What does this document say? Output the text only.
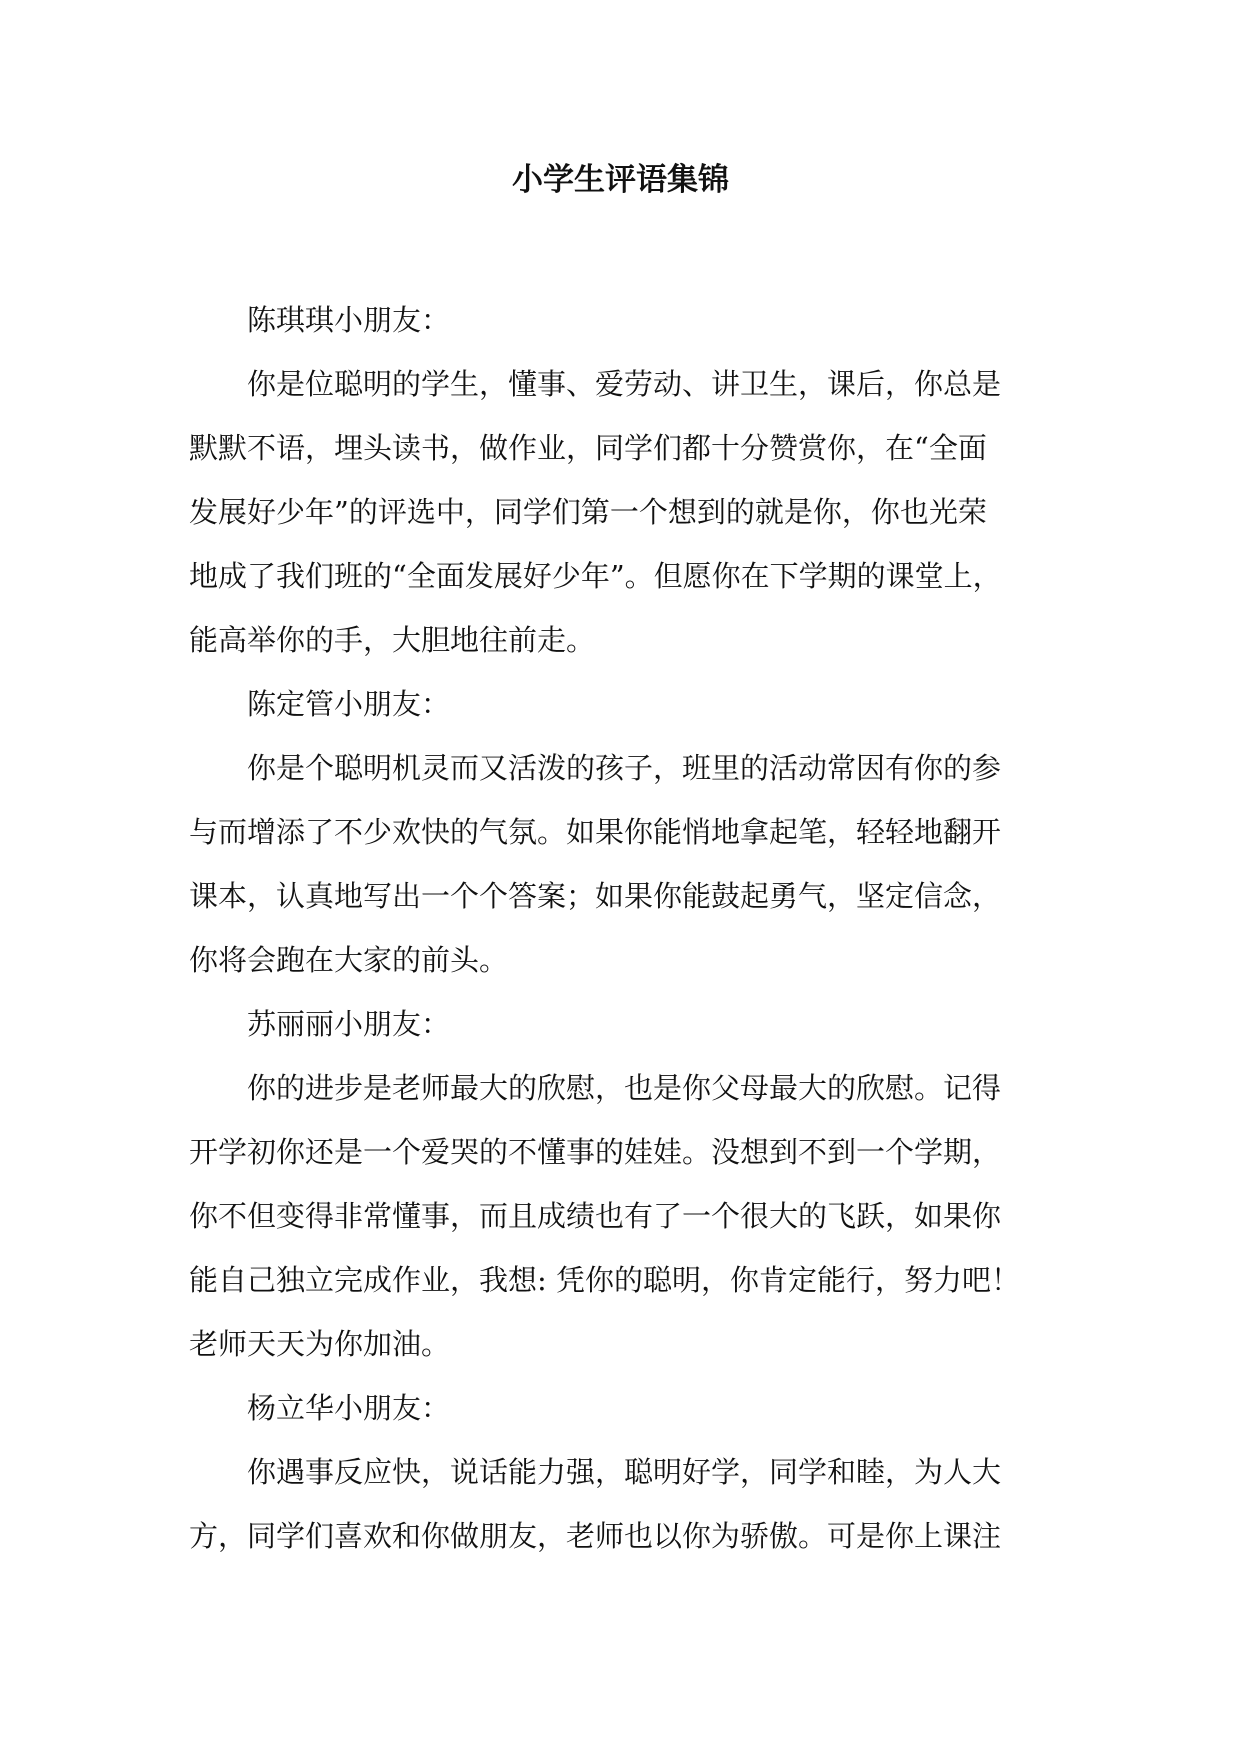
小学生评语集锦

陈琪琪小朋友：

你是位聪明的学生，懂事、爱劳动、讲卫生，课后，你总是
默默不语，埋头读书，做作业，同学们都十分赞赏你，在“全面
发展好少年”的评选中，同学们第一个想到的就是你，你也光荣
地成了我们班的“全面发展好少年”。但愿你在下学期的课堂上，
能高举你的手，大胆地往前走。

陈定管小朋友：

你是个聪明机灵而又活泼的孩子，班里的活动常因有你的参
与而增添了不少欢快的气氛。如果你能悄地拿起笔，轻轻地翻开
课本，认真地写出一个个答案；如果你能鼓起勇气，坚定信念，
你将会跑在大家的前头。

苏丽丽小朋友：

你的进步是老师最大的欣慰，也是你父母最大的欣慰。记得
开学初你还是一个爱哭的不懂事的娃娃。没想到不到一个学期，
你不但变得非常懂事，而且成绩也有了一个很大的飞跃，如果你
能自己独立完成作业，我想: 凭你的聪明，你肯定能行，努力吧！
老师天天为你加油。

杨立华小朋友：

你遇事反应快，说话能力强，聪明好学，同学和睦，为人大
方，同学们喜欢和你做朋友，老师也以你为骄傲。可是你上课注
